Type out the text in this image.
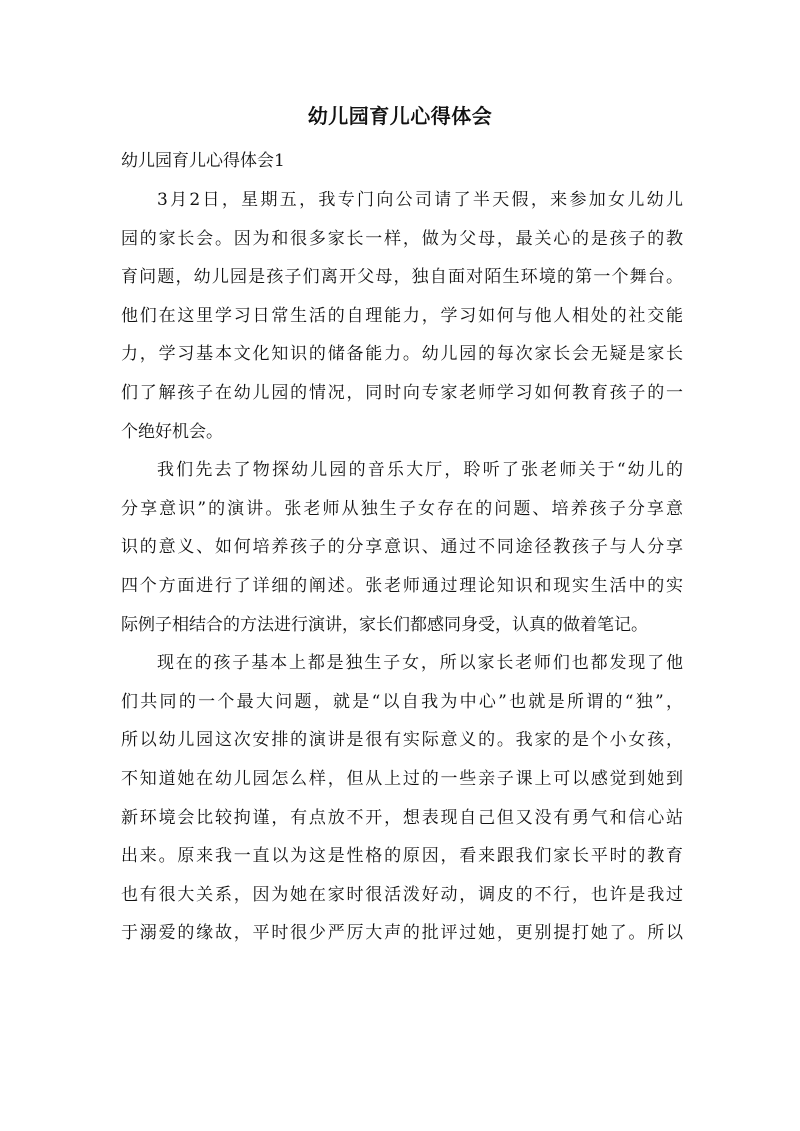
幼儿园育儿心得体会
幼儿园育儿心得体会1
3月2日，星期五，我专门向公司请了半天假，来参加女儿幼儿
园的家长会。因为和很多家长一样，做为父母，最关心的是孩子的教
育问题，幼儿园是孩子们离开父母，独自面对陌生环境的第一个舞台。
他们在这里学习日常生活的自理能力，学习如何与他人相处的社交能
力，学习基本文化知识的储备能力。幼儿园的每次家长会无疑是家长
们了解孩子在幼儿园的情况，同时向专家老师学习如何教育孩子的一
个绝好机会。
我们先去了物探幼儿园的音乐大厅，聆听了张老师关于“幼儿的
分享意识”的演讲。张老师从独生子女存在的问题、培养孩子分享意
识的意义、如何培养孩子的分享意识、通过不同途径教孩子与人分享
四个方面进行了详细的阐述。张老师通过理论知识和现实生活中的实
际例子相结合的方法进行演讲，家长们都感同身受，认真的做着笔记。
现在的孩子基本上都是独生子女，所以家长老师们也都发现了他
们共同的一个最大问题，就是“以自我为中心”也就是所谓的“独”，
所以幼儿园这次安排的演讲是很有实际意义的。我家的是个小女孩，
不知道她在幼儿园怎么样，但从上过的一些亲子课上可以感觉到她到
新环境会比较拘谨，有点放不开，想表现自己但又没有勇气和信心站
出来。原来我一直以为这是性格的原因，看来跟我们家长平时的教育
也有很大关系，因为她在家时很活泼好动，调皮的不行，也许是我过
于溺爱的缘故，平时很少严厉大声的批评过她，更别提打她了。所以
